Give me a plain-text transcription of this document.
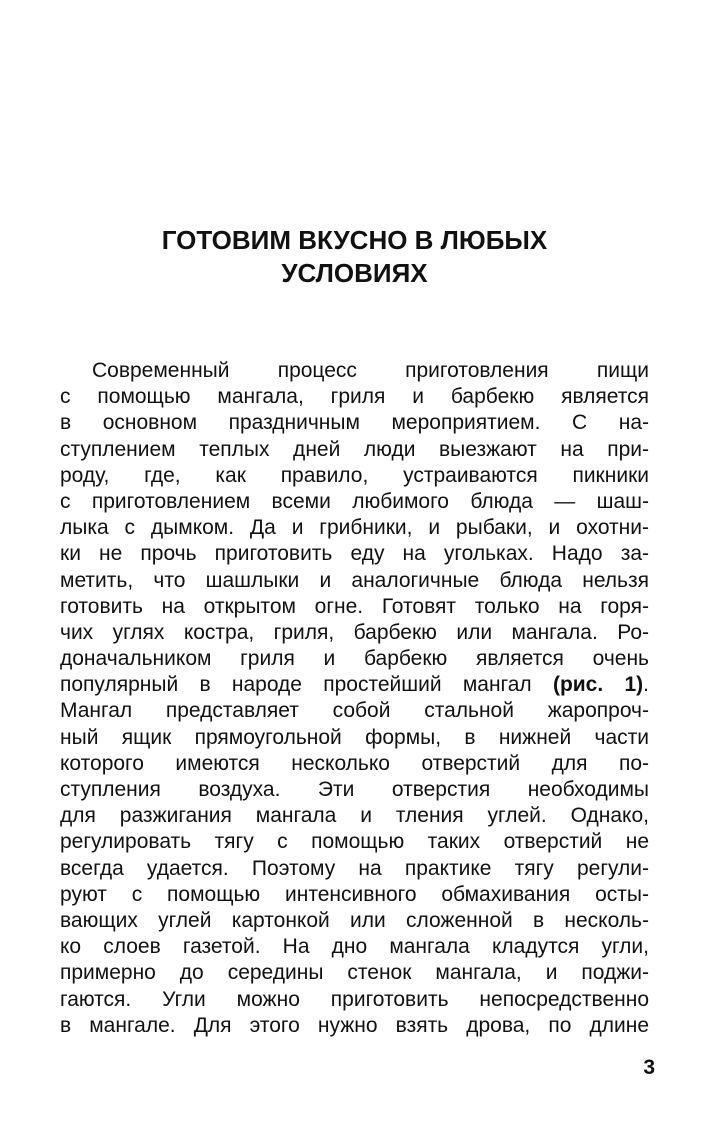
ГОТОВИМ ВКУСНО В ЛЮБЫХ
УСЛОВИЯХ
Современный процесс приготовления пищи
с помощью мангала, гриля и барбекю является
в основном праздничным мероприятием. С на-
ступлением теплых дней люди выезжают на при-
роду, где, как правило, устраиваются пикники
с приготовлением всеми любимого блюда — шаш-
лыка с дымком. Да и грибники, и рыбаки, и охотни-
ки не прочь приготовить еду на угольках. Надо за-
метить, что шашлыки и аналогичные блюда нельзя
готовить на открытом огне. Готовят только на горя-
чих углях костра, гриля, барбекю или мангала. Ро-
доначальником гриля и барбекю является очень
популярный в народе простейший мангал (рис. 1).
Мангал представляет собой стальной жаропроч-
ный ящик прямоугольной формы, в нижней части
которого имеются несколько отверстий для по-
ступления воздуха. Эти отверстия необходимы
для разжигания мангала и тления углей. Однако,
регулировать тягу с помощью таких отверстий не
всегда удается. Поэтому на практике тягу регули-
руют с помощью интенсивного обмахивания осты-
вающих углей картонкой или сложенной в несколь-
ко слоев газетой. На дно мангала кладутся угли,
примерно до середины стенок мангала, и поджи-
гаются. Угли можно приготовить непосредственно
в мангале. Для этого нужно взять дрова, по длине
3
